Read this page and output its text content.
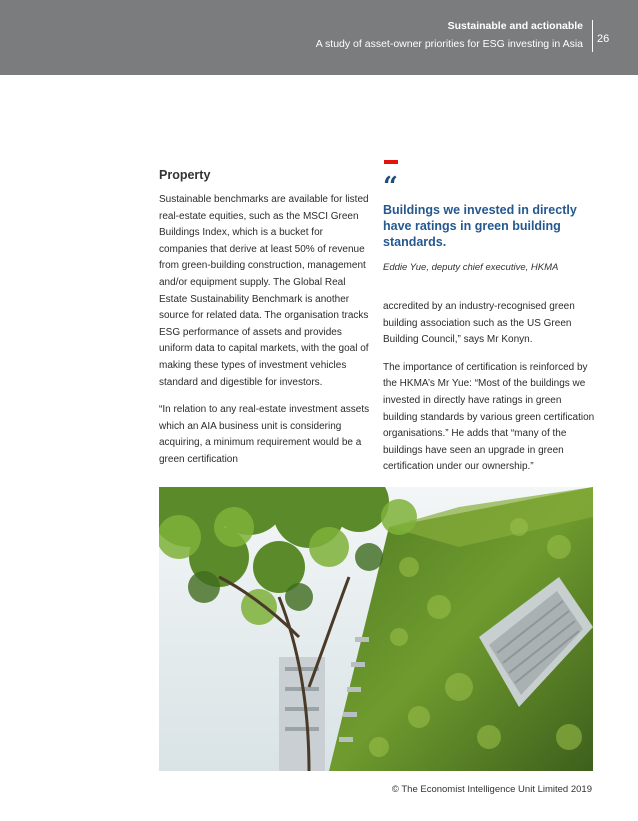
Sustainable and actionable
A study of asset-owner priorities for ESG investing in Asia 26
Property

Sustainable benchmarks are available for listed real-estate equities, such as the MSCI Green Buildings Index, which is a bucket for companies that derive at least 50% of revenue from green-building construction, management and/or equipment supply. The Global Real Estate Sustainability Benchmark is another source for related data. The organisation tracks ESG performance of assets and provides uniform data to capital markets, with the goal of making these types of investment vehicles standard and digestible for investors.

“In relation to any real-estate investment assets which an AIA business unit is considering acquiring, a minimum requirement would be a green certification

“
Buildings we invested in directly have ratings in green building standards.
Eddie Yue, deputy chief executive, HKMA

accredited by an industry-recognised green building association such as the US Green Building Council,” says Mr Konyn.

The importance of certification is reinforced by the HKMA’s Mr Yue: “Most of the buildings we invested in directly have ratings in green building standards by various green certification organisations.” He adds that “many of the buildings have seen an upgrade in green certification under our ownership.”

© The Economist Intelligence Unit Limited 2019
